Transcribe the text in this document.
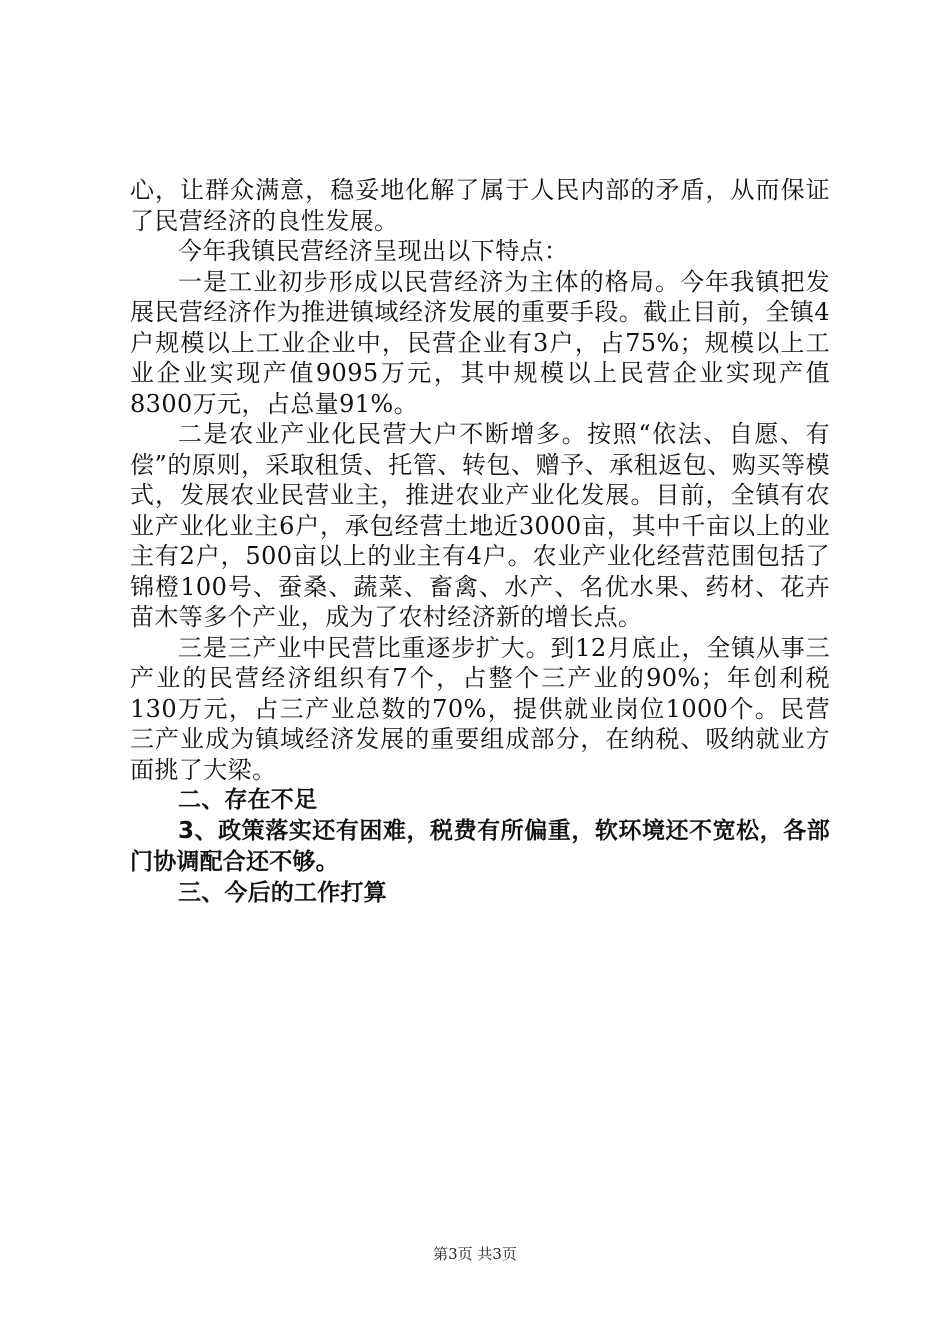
心，让群众满意，稳妥地化解了属于人民内部的矛盾，从而保证了民营经济的良性发展。

今年我镇民营经济呈现出以下特点：

一是工业初步形成以民营经济为主体的格局。今年我镇把发展民营经济作为推进镇域经济发展的重要手段。截止目前，全镇4户规模以上工业企业中，民营企业有3户，占75%；规模以上工业企业实现产值9095万元，其中规模以上民营企业实现产值8300万元，占总量91%。

二是农业产业化民营大户不断增多。按照“依法、自愿、有偿”的原则，采取租赁、托管、转包、赠予、承租返包、购买等模式，发展农业民营业主，推进农业产业化发展。目前，全镇有农业产业化业主6户，承包经营土地近3000亩，其中千亩以上的业主有2户，500亩以上的业主有4户。农业产业化经营范围包括了锦橙100号、蚕桑、蔬菜、畜禽、水产、名优水果、药材、花卉苗木等多个产业，成为了农村经济新的增长点。

三是三产业中民营比重逐步扩大。到12月底止，全镇从事三产业的民营经济组织有7个，占整个三产业的90%；年创利税130万元，占三产业总数的70%，提供就业岗位1000个。民营三产业成为镇域经济发展的重要组成部分，在纳税、吸纳就业方面挑了大梁。

二、存在不足

3、政策落实还有困难，税费有所偏重，软环境还不宽松，各部门协调配合还不够。

三、今后的工作打算

第3页 共3页
